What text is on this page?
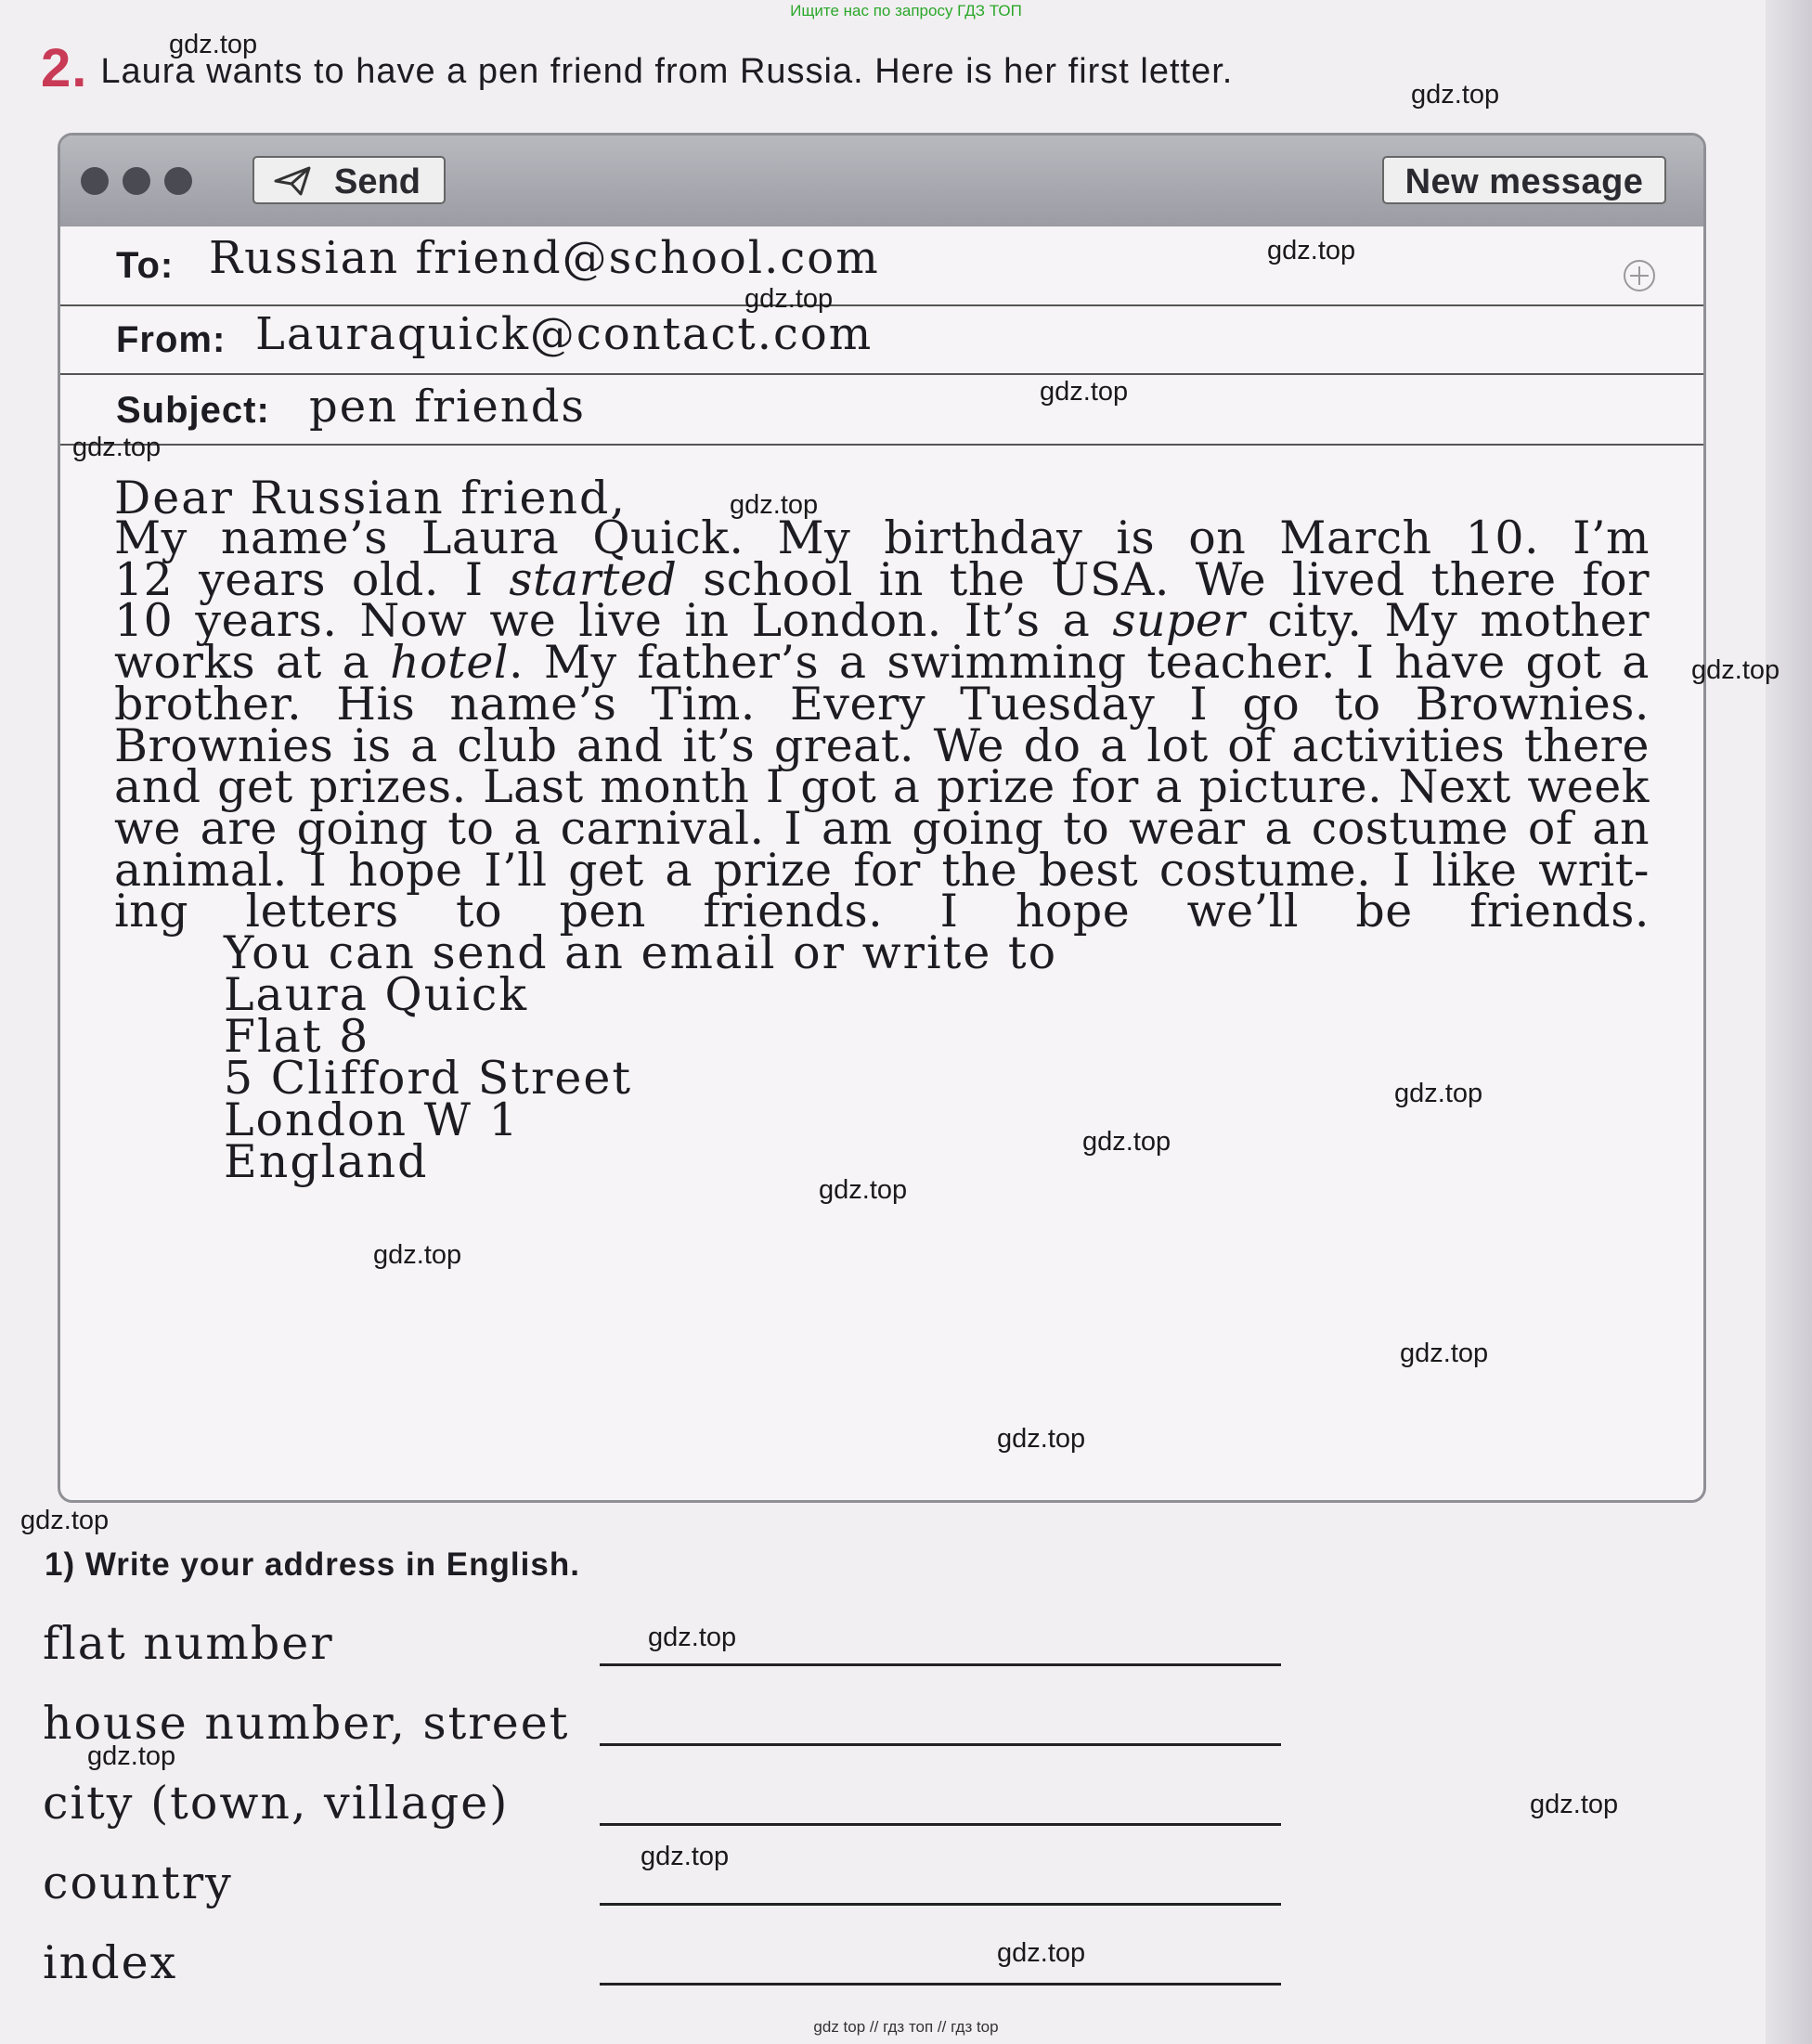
Ищите нас по запросу ГДЗ ТОП
2. Laura wants to have a pen friend from Russia. Here is her first letter.
Send	New message
To: Russian friend@school.com
From: Lauraquick@contact.com
Subject: pen friends
Dear Russian friend,
My name’s Laura Quick. My birthday is on March 10. I’m
12 years old. I started school in the USA. We lived there for
10 years. Now we live in London. It’s a super city. My mother
works at a hotel. My father’s a swimming teacher. I have got a
brother. His name’s Tim. Every Tuesday I go to Brownies.
Brownies is a club and it’s great. We do a lot of activities there
and get prizes. Last month I got a prize for a picture. Next week
we are going to a carnival. I am going to wear a costume of an
animal. I hope I’ll get a prize for the best costume. I like writ-
ing letters to pen friends. I hope we’ll be friends.
You can send an email or write to
Laura Quick
Flat 8
5 Clifford Street
London W 1
England
1) Write your address in English.
flat number
house number, street
city (town, village)
country
index
gdz.top
gdz.top
gdz.top
gdz.top
gdz.top
gdz.top
gdz.top
gdz.top
gdz.top
gdz.top
gdz.top
gdz.top
gdz.top
gdz.top
gdz.top
gdz.top
gdz.top
gdz.top
gdz.top
gdz.top
gdz top // гдз топ // гдз top
